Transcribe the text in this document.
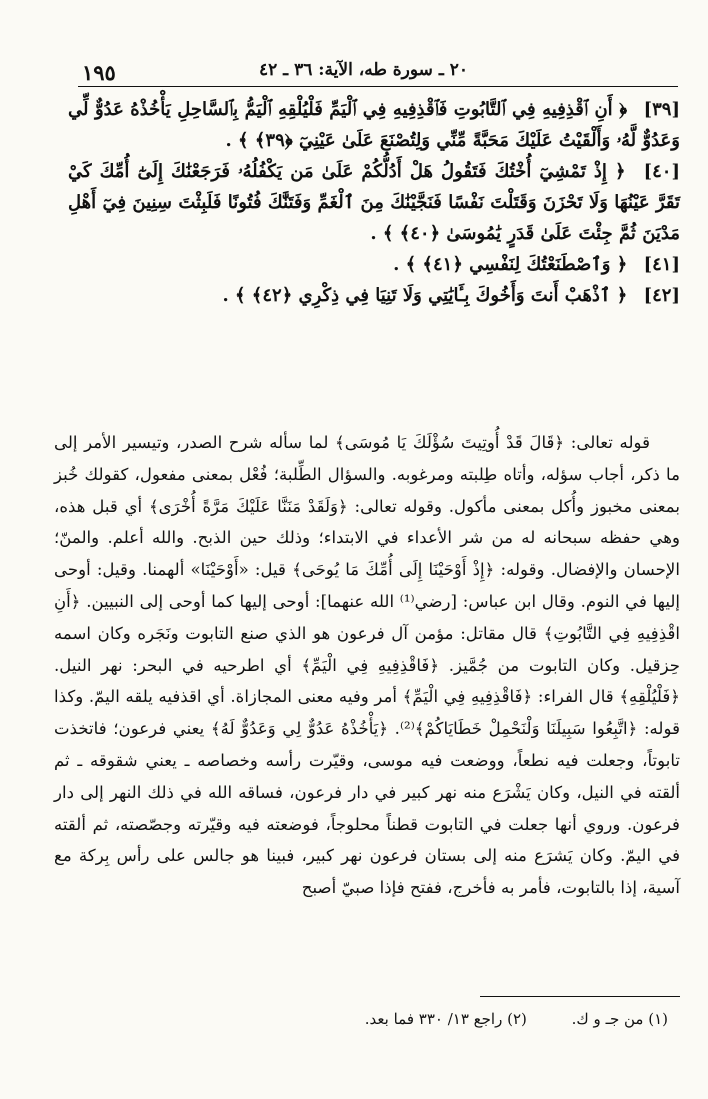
١٩٥	٢٠ ـ سورة طه، الآية: ٣٦ ـ ٤٢
[٣٩] ﴿ أَنِ ٱقْذِفِيهِ فِي ٱلتَّابُوتِ فَٱقْذِفِيهِ فِي ٱلْيَمِّ فَلْيُلْقِهِ ٱلْيَمُّ بِٱلسَّاحِلِ يَأْخُذْهُ عَدُوٌّ لِّي وَعَدُوٌّ لَّهُۥ وَأَلْقَيْتُ عَلَيْكَ مَحَبَّةً مِّنِّي وَلِتُصْنَعَ عَلَىٰ عَيْنِيٓ ﴿٣٩﴾ ﴾ .
[٤٠] ﴿ إِذْ تَمْشِيٓ أُخْتُكَ فَتَقُولُ هَلْ أَدُلُّكُمْ عَلَىٰ مَن يَكْفُلُهُۥ فَرَجَعْنَٰكَ إِلَىٰٓ أُمِّكَ كَيْ تَقَرَّ عَيْنُهَا وَلَا تَحْزَنَ وَقَتَلْتَ نَفْسًا فَنَجَّيْنَٰكَ مِنَ ٱلْغَمِّ وَفَتَنَّٰكَ فُتُونًا فَلَبِثْتَ سِنِينَ فِيٓ أَهْلِ مَدْيَنَ ثُمَّ جِئْتَ عَلَىٰ قَدَرٍ يَٰمُوسَىٰ ﴿٤٠﴾ ﴾ .
[٤١] ﴿ وَٱصْطَنَعْتُكَ لِنَفْسِي ﴿٤١﴾ ﴾ .
[٤٢] ﴿ ٱذْهَبْ أَنتَ وَأَخُوكَ بِـَٔايَٰتِي وَلَا تَنِيَا فِي ذِكْرِي ﴿٤٢﴾ ﴾ .

قوله تعالى: ﴿قَالَ قَدْ أُوتِيتَ سُؤْلَكَ يَا مُوسَى﴾ لما سأله شرح الصدر، وتيسير الأمر إلى ما ذكر، أجاب سؤله، وأتاه طِلبته ومرغوبه. والسؤال الطِّلبة؛ فُعْل بمعنى مفعول، كقولك خُبز بمعنى مخبوز وأُكل بمعنى مأكول. وقوله تعالى: ﴿وَلَقَدْ مَنَنَّا عَلَيْكَ مَرَّةً أُخْرَى﴾ أي قبل هذه، وهي حفظه سبحانه له من شر الأعداء في الابتداء؛ وذلك حين الذبح. والله أعلم. والمنّ؛ الإحسان والإفضال. وقوله: ﴿إِذْ أَوْحَيْنَا إِلَى أُمِّكَ مَا يُوحَى﴾ قيل: «أَوْحَيْنَا» ألهمنا. وقيل: أوحى إليها في النوم. وقال ابن عباس: [رضي⁽¹⁾ الله عنهما]: أوحى إليها كما أوحى إلى النبيين. ﴿أَنِ اقْذِفِيهِ فِي التَّابُوتِ﴾ قال مقاتل: مؤمن آل فرعون هو الذي صنع التابوت ونَجَره وكان اسمه حِزقيل. وكان التابوت من جُمَّيز. ﴿فَاقْذِفِيهِ فِي الْيَمِّ﴾ أي اطرحيه في البحر: نهر النيل. ﴿فَلْيُلْقِهِ﴾ قال الفراء: ﴿فَاقْذِفِيهِ فِي الْيَمِّ﴾ أمر وفيه معنى المجازاة. أي اقذفيه يلقه اليمّ. وكذا قوله: ﴿اتَّبِعُوا سَبِيلَنَا وَلْنَحْمِلْ خَطَايَاكُمْ﴾⁽²⁾. ﴿يَأْخُذْهُ عَدُوٌّ لِي وَعَدُوٌّ لَهُ﴾ يعني فرعون؛ فاتخذت تابوتاً، وجعلت فيه نطعاً، ووضعت فيه موسى، وقيّرت رأسه وخصاصه ـ يعني شقوقه ـ ثم ألقته في النيل، وكان يَشْرَع منه نهر كبير في دار فرعون، فساقه الله في ذلك النهر إلى دار فرعون. وروي أنها جعلت في التابوت قطناً محلوجاً، فوضعته فيه وقيّرته وجصّصته، ثم ألقته في اليمّ. وكان يَشرَع منه إلى بستان فرعون نهر كبير، فبينا هو جالس على رأس بِركة مع آسية، إذا بالتابوت، فأمر به فأخرج، ففتح فإذا صبيّ أصبح

(١) من جـ و ك. (٢) راجع ١٣/ ٣٣٠ فما بعد.
